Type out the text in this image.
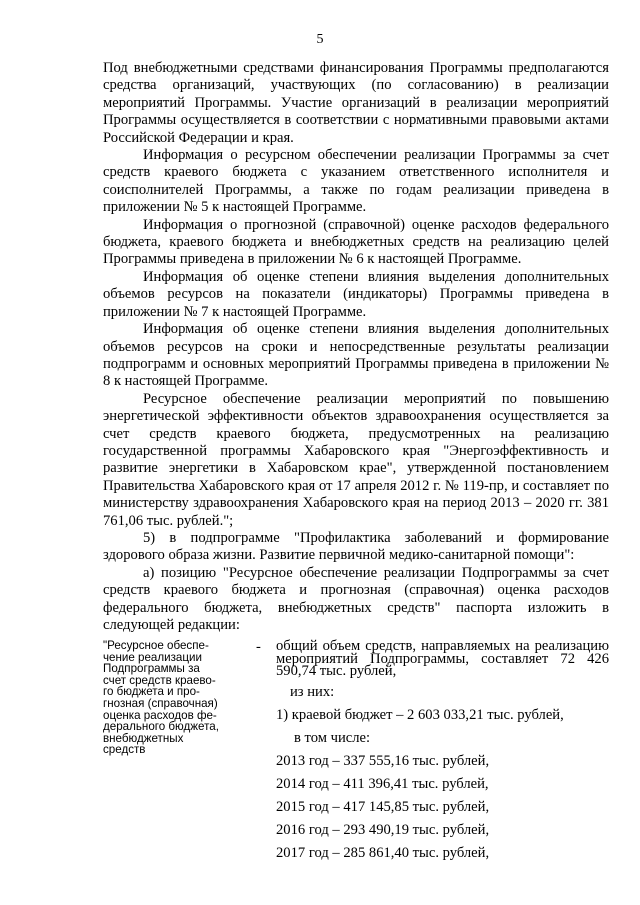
5

Под внебюджетными средствами финансирования Программы предполагаются средства организаций, участвующих (по согласованию) в реализации мероприятий Программы. Участие организаций в реализации мероприятий Программы осуществляется в соответствии с нормативными правовыми актами Российской Федерации и края.

Информация о ресурсном обеспечении реализации Программы за счет средств краевого бюджета с указанием ответственного исполнителя и соисполнителей Программы, а также по годам реализации приведена в приложении № 5 к настоящей Программе.

Информация о прогнозной (справочной) оценке расходов федерального бюджета, краевого бюджета и внебюджетных средств на реализацию целей Программы приведена в приложении № 6 к настоящей Программе.

Информация об оценке степени влияния выделения дополнительных объемов ресурсов на показатели (индикаторы) Программы приведена в приложении № 7 к настоящей Программе.

Информация об оценке степени влияния выделения дополнительных объемов ресурсов на сроки и непосредственные результаты реализации подпрограмм и основных мероприятий Программы приведена в приложении № 8 к настоящей Программе.

Ресурсное обеспечение реализации мероприятий по повышению энергетической эффективности объектов здравоохранения осуществляется за счет средств краевого бюджета, предусмотренных на реализацию государственной программы Хабаровского края "Энергоэффективность и развитие энергетики в Хабаровском крае", утвержденной постановлением Правительства Хабаровского края от 17 апреля 2012 г. № 119-пр, и составляет по министерству здравоохранения Хабаровского края на период 2013 – 2020 гг. 381 761,06 тыс. рублей.";

5) в подпрограмме "Профилактика заболеваний и формирование здорового образа жизни. Развитие первичной медико-санитарной помощи":

а) позицию "Ресурсное обеспечение реализации Подпрограммы за счет средств краевого бюджета и прогнозная (справочная) оценка расходов федерального бюджета, внебюджетных средств" паспорта изложить в следующей редакции:

"Ресурсное обеспе-
чение реализации
Подпрограммы за
счет средств краево-
го бюджета и про-
гнозная (справочная)
оценка расходов фе-
дерального бюджета,
внебюджетных
средств
- общий объем средств, направляемых на реализацию мероприятий Подпрограммы, составляет 72 426 590,74 тыс. рублей,
из них:
1) краевой бюджет – 2 603 033,21 тыс. рублей,
в том числе:
2013 год – 337 555,16 тыс. рублей,
2014 год – 411 396,41 тыс. рублей,
2015 год – 417 145,85 тыс. рублей,
2016 год – 293 490,19 тыс. рублей,
2017 год – 285 861,40 тыс. рублей,
